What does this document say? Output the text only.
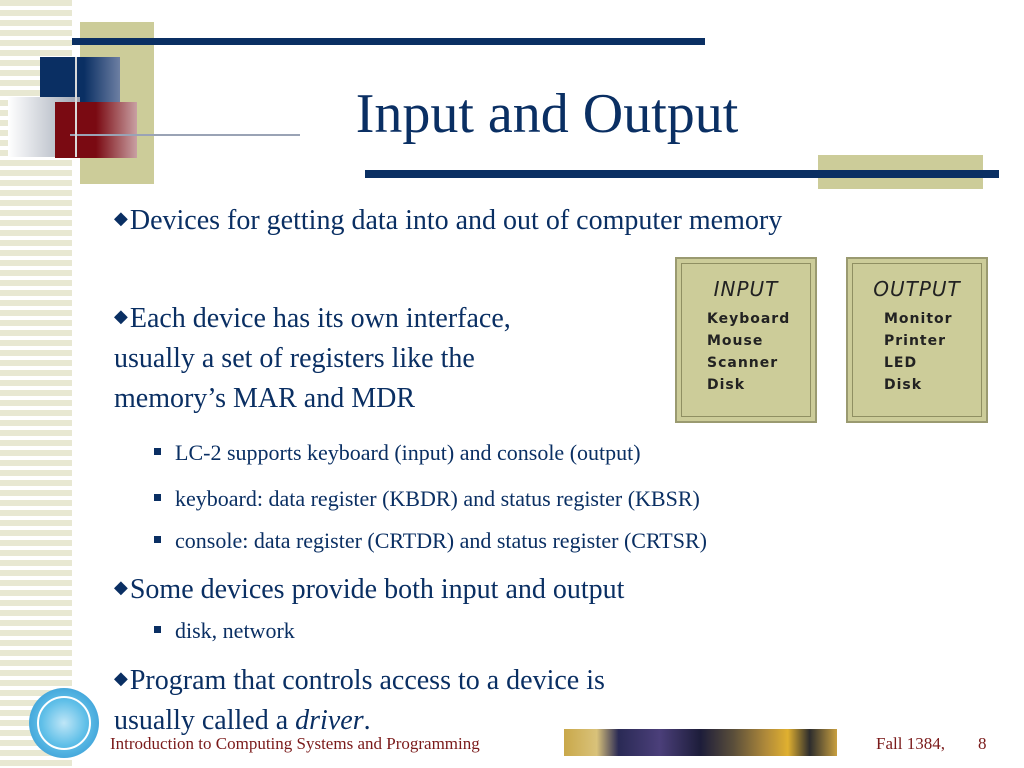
Input and Output
◆Devices for getting data into and out of computer memory
◆Each device has its own interface,
usually a set of registers like the
memory’s MAR and MDR
INPUT
Keyboard
Mouse
Scanner
Disk
OUTPUT
Monitor
Printer
LED
Disk
LC-2 supports keyboard (input) and console (output)
keyboard: data register (KBDR) and status register (KBSR)
console: data register (CRTDR) and status register (CRTSR)
◆Some devices provide both input and output
disk, network
◆Program that controls access to a device is
usually called a driver.
Introduction to Computing Systems and Programming	Fall 1384, 8
